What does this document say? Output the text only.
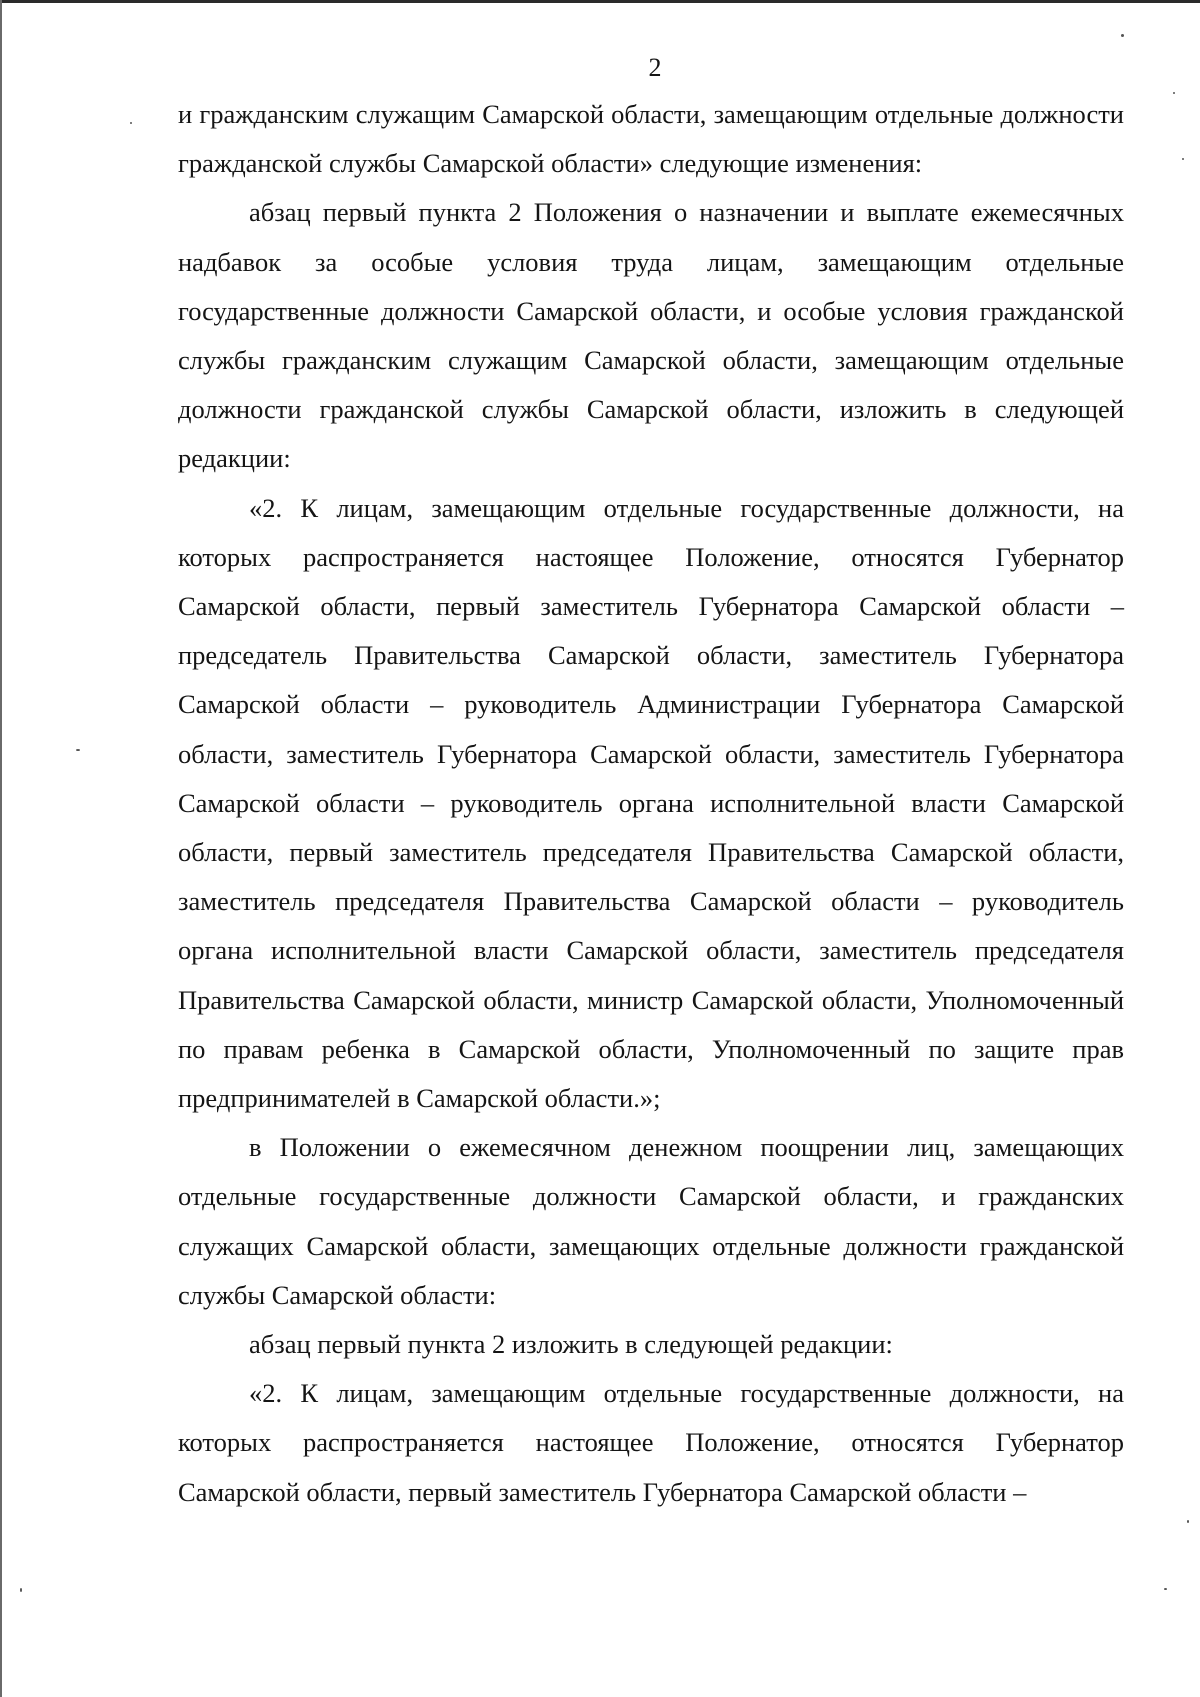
2

и гражданским служащим Самарской области, замещающим отдельные должности гражданской службы Самарской области» следующие изменения:

абзац первый пункта 2 Положения о назначении и выплате ежемесячных надбавок за особые условия труда лицам, замещающим отдельные государственные должности Самарской области, и особые условия гражданской службы гражданским служащим Самарской области, замещающим отдельные должности гражданской службы Самарской области, изложить в следующей редакции:

«2. К лицам, замещающим отдельные государственные должности, на которых распространяется настоящее Положение, относятся Губернатор Самарской области, первый заместитель Губернатора Самарской области – председатель Правительства Самарской области, заместитель Губернатора Самарской области – руководитель Администрации Губернатора Самарской области, заместитель Губернатора Самарской области, заместитель Губернатора Самарской области – руководитель органа исполнительной власти Самарской области, первый заместитель председателя Правительства Самарской области, заместитель председателя Правительства Самарской области – руководитель органа исполнительной власти Самарской области, заместитель председателя Правительства Самарской области, министр Самарской области, Уполномоченный по правам ребенка в Самарской области, Уполномоченный по защите прав предпринимателей в Самарской области.»;

в Положении о ежемесячном денежном поощрении лиц, замещающих отдельные государственные должности Самарской области, и гражданских служащих Самарской области, замещающих отдельные должности гражданской службы Самарской области:

абзац первый пункта 2 изложить в следующей редакции:

«2. К лицам, замещающим отдельные государственные должности, на которых распространяется настоящее Положение, относятся Губернатор Самарской области, первый заместитель Губернатора Самарской области –
